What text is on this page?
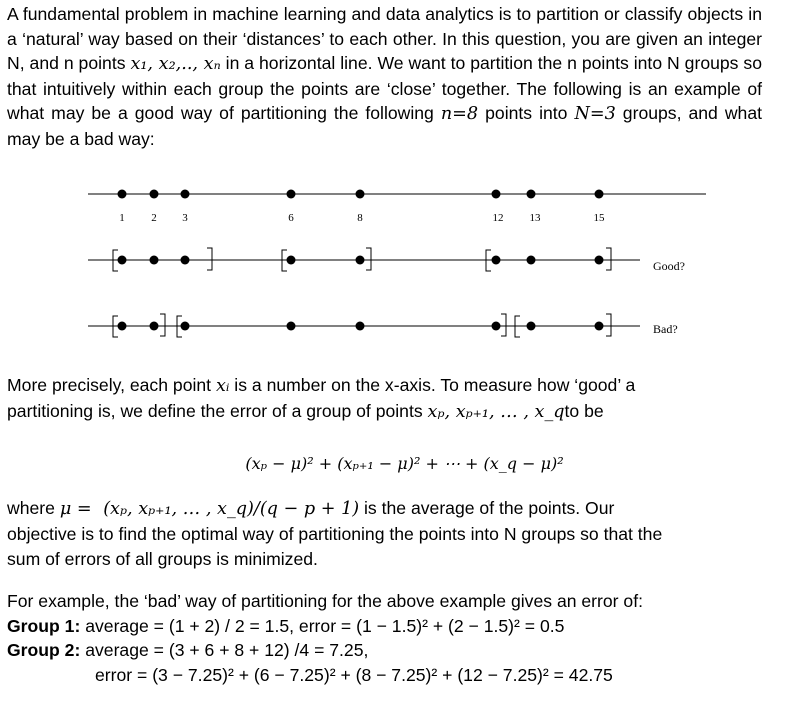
A fundamental problem in machine learning and data analytics is to partition or classify objects in a ‘natural’ way based on their ‘distances’ to each other. In this question, you are given an integer N, and n points x₁, x₂,.., xₙ in a horizontal line. We want to partition the n points into N groups so that intuitively within each group the points are ‘close’ together. The following is an example of what may be a good way of partitioning the following n=8 points into N=3 groups, and what may be a bad way:
1 2 3	6	8	12 13	15
Good?
Bad?
More precisely, each point xᵢ is a number on the x-axis. To measure how ‘good’ a
partitioning is, we define the error of a group of points xₚ, xₚ₊₁, … , x_qto be
(xₚ − μ)² + (xₚ₊₁ − μ)² + ⋯ + (x_q − μ)²
where μ = (xₚ, xₚ₊₁, … , x_q)/(q − p + 1) is the average of the points. Our
objective is to find the optimal way of partitioning the points into N groups so that the
sum of errors of all groups is minimized.
For example, the ‘bad’ way of partitioning for the above example gives an error of:
Group 1: average = (1 + 2) / 2 = 1.5, error = (1 − 1.5)² + (2 − 1.5)² = 0.5
Group 2: average = (3 + 6 + 8 + 12) /4 = 7.25,
error = (3 − 7.25)² + (6 − 7.25)² + (8 − 7.25)² + (12 − 7.25)² = 42.75
